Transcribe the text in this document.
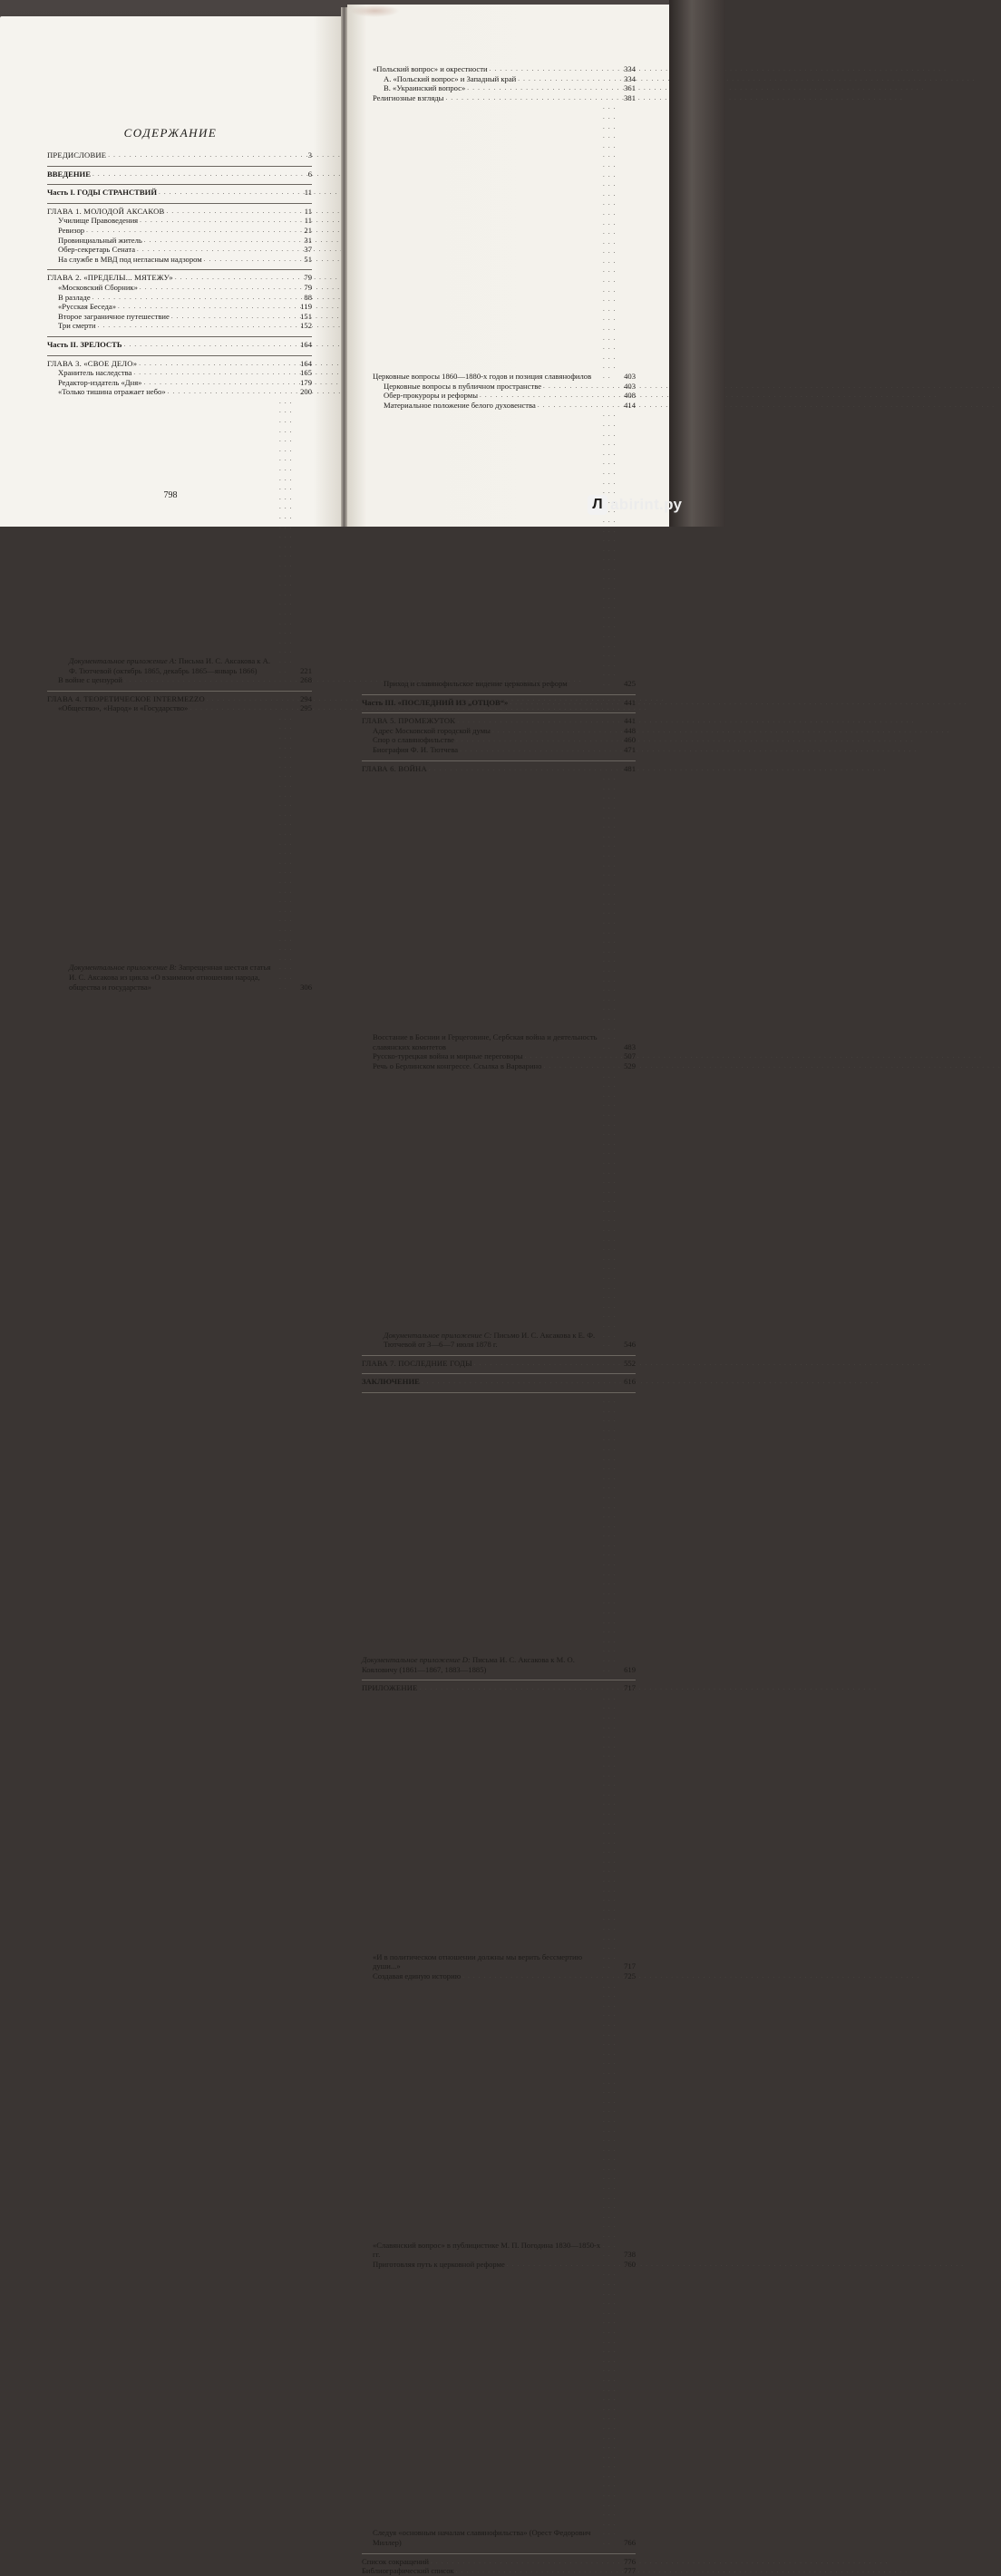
СОДЕРЖАНИЕ
ПРЕДИСЛОВИЕ . . .	3
ВВЕДЕНИЕ . . .	6
Часть I. ГОДЫ СТРАНСТВИЙ . . .	11
ГЛАВА 1. МОЛОДОЙ АКСАКОВ . . .	11
Училище Правоведения . . .	11
Ревизор . . .	21
Провинциальный житель . . .	31
Обер-секретарь Сената . . .	37
На службе в МВД под негласным надзором . . .	51
ГЛАВА 2. «ПРЕДЕЛЫ... МЯТЕЖУ» . . .	79
«Московский Сборник» . . .	79
В разладе . . .	88
«Русская Беседа» . . .	119
Второе заграничное путешествие . . .	151
Три смерти . . .	152
Часть II. ЗРЕЛОСТЬ . . .	164
ГЛАВА 3. «СВОЕ ДЕЛО» . . .	164
Хранитель наследства . . .	165
Редактор-издатель «Дня» . . .	179
«Только тишина отражает небо» . . .	200
Документальное приложение A: Письма И. С. Аксакова к А. Ф. Тютчевой (октябрь 1865, декабрь 1865—январь 1866) . . .	221
В войне с цензурой . . .	268
ГЛАВА 4. ТЕОРЕТИЧЕСКОЕ INTERMEZZO . . .	294
«Общество», «Народ» и «Государство» . . .	295
Документальное приложение B: Запрещенная шестая статья И. С. Аксакова из цикла «О взаимном отношении народа, общества и государства» . . .	306
798
«Польский вопрос» и окрестности . . .	334
А. «Польский вопрос» и Западный край . . .	334
B. «Украинский вопрос» . . .	361
Религиозные взгляды . . .	381
Церковные вопросы 1860—1880-х годов и позиция славянофилов . . .	403
Церковные вопросы в публичном пространстве . . .	403
Обер-прокуроры и реформы . . .	408
Материальное положение белого духовенства . . .	414
Приход и славянофильское видение церковных реформ . . .	425
Часть III. «ПОСЛЕДНИЙ ИЗ „ОТЦОВ“» . . .	441
ГЛАВА 5. ПРОМЕЖУТОК . . .	441
Адрес Московской городской думы . . .	448
Спор о славянофильстве . . .	460
Биография Ф. И. Тютчева . . .	471
ГЛАВА 6. ВОЙНА . . .	481
Восстание в Боснии и Герцеговине, Сербская война и деятельность славянских комитетов . . .	483
Русско-турецкая война и мирные переговоры . . .	507
Речь о Берлинском конгрессе. Ссылка в Варварино . . .	529
Документальное приложение C: Письмо И. С. Аксакова к Е. Ф. Тютчевой от 3—6—7 июля 1878 г. . . .	546
ГЛАВА 7. ПОСЛЕДНИЕ ГОДЫ . . .	552
ЗАКЛЮЧЕНИЕ . . .	616
Документальное приложение D: Письма И. С. Аксакова к М. О. Кояловичу (1861—1867, 1883—1885) . . .	619
ПРИЛОЖЕНИЕ . . .	717
«И в политическом отношении должны мы верить бессмертию души...» . . .	717
Создавая единую историю . . .	725
«Славянский вопрос» в публицистике М. П. Погодина 1830—1850-х гг. . . .	738
Приготовляя путь к церковной реформе . . .	760
Следуя «основным началам славянофильства» (Орест Федорович Миллер) . . .	766
Список сокращений . . .	776
Библиографический список . . .	777
Л abirint.ру
